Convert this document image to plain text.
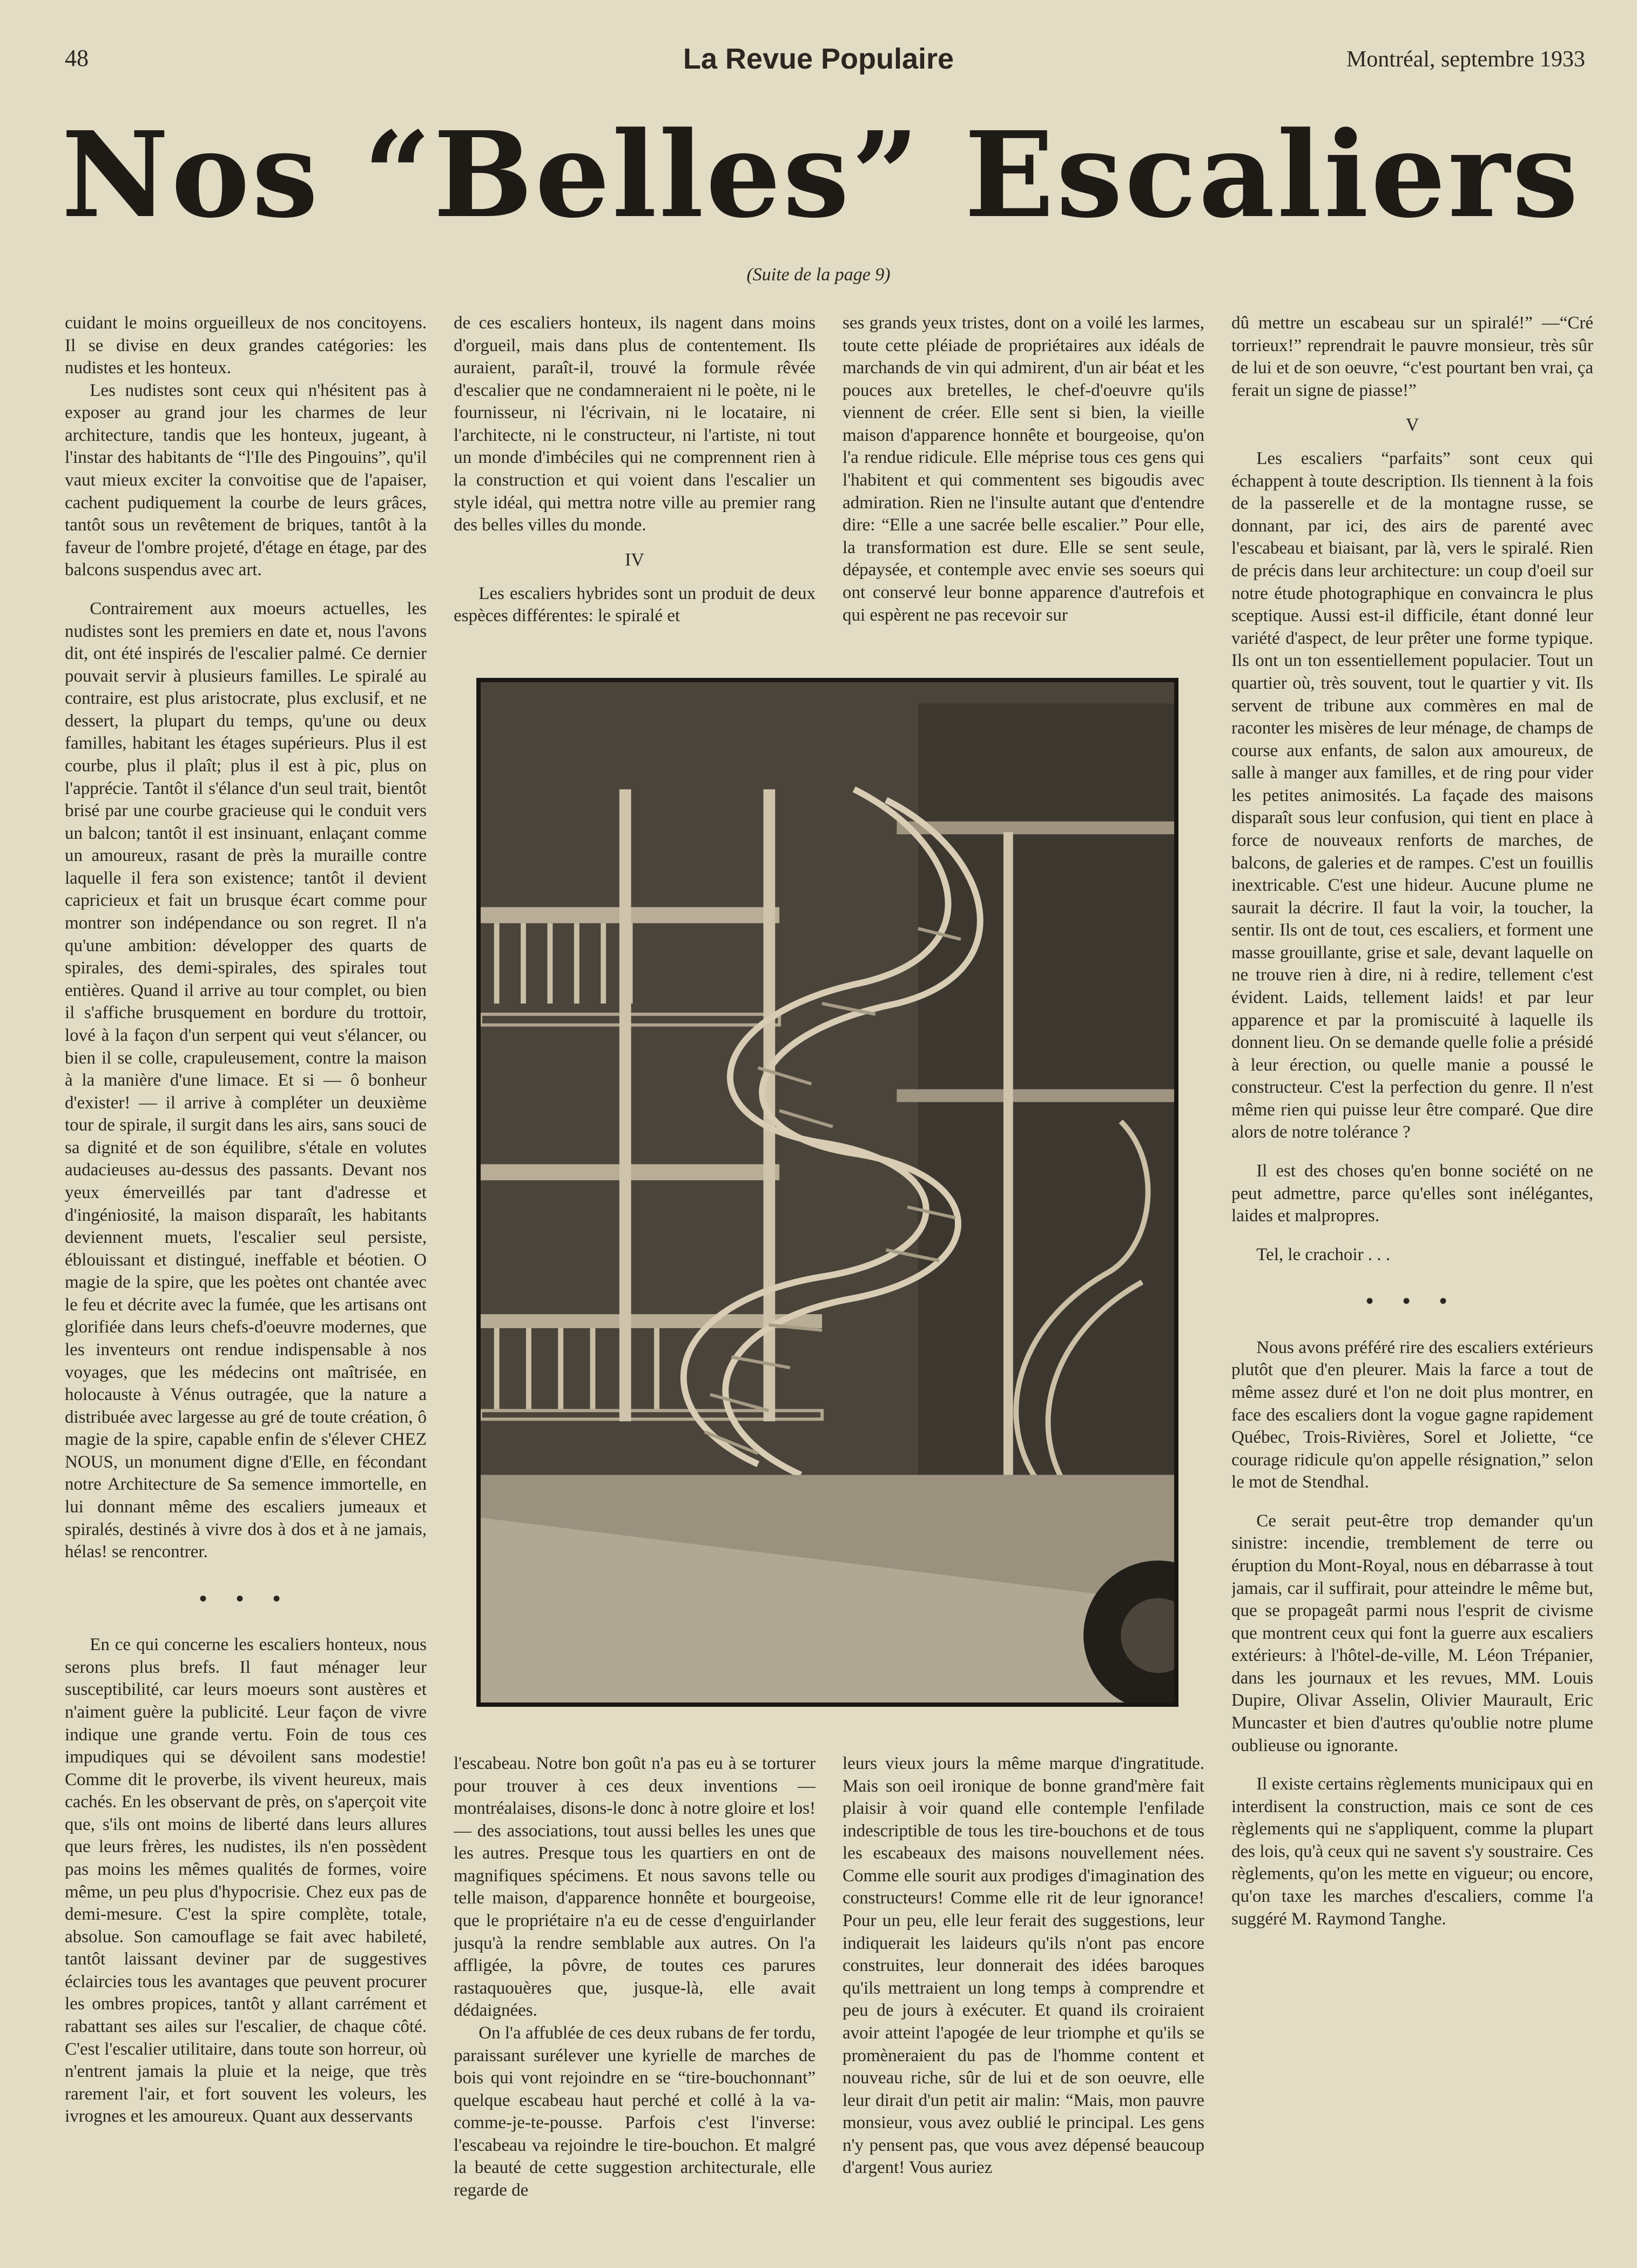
48	La Revue Populaire	Montréal, septembre 1933
Nos “Belles” Escaliers
(Suite de la page 9)

cuidant le moins orgueilleux de nos concitoyens. Il se divise en deux grandes catégories: les nudistes et les honteux.

Les nudistes sont ceux qui n'hésitent pas à exposer au grand jour les charmes de leur architecture, tandis que les honteux, jugeant, à l'instar des habitants de “l'Ile des Pingouins”, qu'il vaut mieux exciter la convoitise que de l'apaiser, cachent pudiquement la courbe de leurs grâces, tantôt sous un revêtement de briques, tantôt à la faveur de l'ombre projeté, d'étage en étage, par des balcons suspendus avec art.

Contrairement aux moeurs actuelles, les nudistes sont les premiers en date et, nous l'avons dit, ont été inspirés de l'escalier palmé. Ce dernier pouvait servir à plusieurs familles. Le spiralé au contraire, est plus aristocrate, plus exclusif, et ne dessert, la plupart du temps, qu'une ou deux familles, habitant les étages supérieurs. Plus il est courbe, plus il plaît; plus il est à pic, plus on l'apprécie. Tantôt il s'élance d'un seul trait, bientôt brisé par une courbe gracieuse qui le conduit vers un balcon; tantôt il est insinuant, enlaçant comme un amoureux, rasant de près la muraille contre laquelle il fera son existence; tantôt il devient capricieux et fait un brusque écart comme pour montrer son indépendance ou son regret. Il n'a qu'une ambition: développer des quarts de spirales, des demi-spirales, des spirales tout entières. Quand il arrive au tour complet, ou bien il s'affiche brusquement en bordure du trottoir, lové à la façon d'un serpent qui veut s'élancer, ou bien il se colle, crapuleusement, contre la maison à la manière d'une limace. Et si — ô bonheur d'exister! — il arrive à compléter un deuxième tour de spirale, il surgit dans les airs, sans souci de sa dignité et de son équilibre, s'étale en volutes audacieuses au-dessus des passants. Devant nos yeux émerveillés par tant d'adresse et d'ingéniosité, la maison disparaît, les habitants deviennent muets, l'escalier seul persiste, éblouissant et distingué, ineffable et béotien. O magie de la spire, que les poètes ont chantée avec le feu et décrite avec la fumée, que les artisans ont glorifiée dans leurs chefs-d'oeuvre modernes, que les inventeurs ont rendue indispensable à nos voyages, que les médecins ont maîtrisée, en holocauste à Vénus outragée, que la nature a distribuée avec largesse au gré de toute création, ô magie de la spire, capable enfin de s'élever CHEZ NOUS, un monument digne d'Elle, en fécondant notre Architecture de Sa semence immortelle, en lui donnant même des escaliers jumeaux et spiralés, destinés à vivre dos à dos et à ne jamais, hélas! se rencontrer.

• • •

En ce qui concerne les escaliers honteux, nous serons plus brefs. Il faut ménager leur susceptibilité, car leurs moeurs sont austères et n'aiment guère la publicité. Leur façon de vivre indique une grande vertu. Foin de tous ces impudiques qui se dévoilent sans modestie! Comme dit le proverbe, ils vivent heureux, mais cachés. En les observant de près, on s'aperçoit vite que, s'ils ont moins de liberté dans leurs allures que leurs frères, les nudistes, ils n'en possèdent pas moins les mêmes qualités de formes, voire même, un peu plus d'hypocrisie. Chez eux pas de demi-mesure. C'est la spire complète, totale, absolue. Son camouflage se fait avec habileté, tantôt laissant deviner par de suggestives éclaircies tous les avantages que peuvent procurer les ombres propices, tantôt y allant carrément et rabattant ses ailes sur l'escalier, de chaque côté. C'est l'escalier utilitaire, dans toute son horreur, où n'entrent jamais la pluie et la neige, que très rarement l'air, et fort souvent les voleurs, les ivrognes et les amoureux. Quant aux desservants

de ces escaliers honteux, ils nagent dans moins d'orgueil, mais dans plus de contentement. Ils auraient, paraît-il, trouvé la formule rêvée d'escalier que ne condamneraient ni le poète, ni le fournisseur, ni l'écrivain, ni le locataire, ni l'architecte, ni le constructeur, ni l'artiste, ni tout un monde d'imbéciles qui ne comprennent rien à la construction et qui voient dans l'escalier un style idéal, qui mettra notre ville au premier rang des belles villes du monde.

IV

Les escaliers hybrides sont un produit de deux espèces différentes: le spiralé et

ses grands yeux tristes, dont on a voilé les larmes, toute cette pléiade de propriétaires aux idéals de marchands de vin qui admirent, d'un air béat et les pouces aux bretelles, le chef-d'oeuvre qu'ils viennent de créer. Elle sent si bien, la vieille maison d'apparence honnête et bourgeoise, qu'on l'a rendue ridicule. Elle méprise tous ces gens qui l'habitent et qui commentent ses bigoudis avec admiration. Rien ne l'insulte autant que d'entendre dire: “Elle a une sacrée belle escalier.” Pour elle, la transformation est dure. Elle se sent seule, dépaysée, et contemple avec envie ses soeurs qui ont conservé leur bonne apparence d'autrefois et qui espèrent ne pas recevoir sur

l'escabeau. Notre bon goût n'a pas eu à se torturer pour trouver à ces deux inventions — montréalaises, disons-le donc à notre gloire et los! — des associations, tout aussi belles les unes que les autres. Presque tous les quartiers en ont de magnifiques spécimens. Et nous savons telle ou telle maison, d'apparence honnête et bourgeoise, que le propriétaire n'a eu de cesse d'enguirlander jusqu'à la rendre semblable aux autres. On l'a affligée, la pôvre, de toutes ces parures rastaquouères que, jusque-là, elle avait dédaignées.

On l'a affublée de ces deux rubans de fer tordu, paraissant surélever une kyrielle de marches de bois qui vont rejoindre en se “tire-bouchonnant” quelque escabeau haut perché et collé à la va-comme-je-te-pousse. Parfois c'est l'inverse: l'escabeau va rejoindre le tire-bouchon. Et malgré la beauté de cette suggestion architecturale, elle regarde de

leurs vieux jours la même marque d'ingratitude. Mais son oeil ironique de bonne grand'mère fait plaisir à voir quand elle contemple l'enfilade indescriptible de tous les tire-bouchons et de tous les escabeaux des maisons nouvellement nées. Comme elle sourit aux prodiges d'imagination des constructeurs! Comme elle rit de leur ignorance! Pour un peu, elle leur ferait des suggestions, leur indiquerait les laideurs qu'ils n'ont pas encore construites, leur donnerait des idées baroques qu'ils mettraient un long temps à comprendre et peu de jours à exécuter. Et quand ils croiraient avoir atteint l'apogée de leur triomphe et qu'ils se promèneraient du pas de l'homme content et nouveau riche, sûr de lui et de son oeuvre, elle leur dirait d'un petit air malin: “Mais, mon pauvre monsieur, vous avez oublié le principal. Les gens n'y pensent pas, que vous avez dépensé beaucoup d'argent! Vous auriez

dû mettre un escabeau sur un spiralé!” —“Cré torrieux!” reprendrait le pauvre monsieur, très sûr de lui et de son oeuvre, “c'est pourtant ben vrai, ça ferait un signe de piasse!”

V

Les escaliers “parfaits” sont ceux qui échappent à toute description. Ils tiennent à la fois de la passerelle et de la montagne russe, se donnant, par ici, des airs de parenté avec l'escabeau et biaisant, par là, vers le spiralé. Rien de précis dans leur architecture: un coup d'oeil sur notre étude photographique en convaincra le plus sceptique. Aussi est-il difficile, étant donné leur variété d'aspect, de leur prêter une forme typique. Ils ont un ton essentiellement populacier. Tout un quartier où, très souvent, tout le quartier y vit. Ils servent de tribune aux commères en mal de raconter les misères de leur ménage, de champs de course aux enfants, de salon aux amoureux, de salle à manger aux familles, et de ring pour vider les petites animosités. La façade des maisons disparaît sous leur confusion, qui tient en place à force de nouveaux renforts de marches, de balcons, de galeries et de rampes. C'est un fouillis inextricable. C'est une hideur. Aucune plume ne saurait la décrire. Il faut la voir, la toucher, la sentir. Ils ont de tout, ces escaliers, et forment une masse grouillante, grise et sale, devant laquelle on ne trouve rien à dire, ni à redire, tellement c'est évident. Laids, tellement laids! et par leur apparence et par la promiscuité à laquelle ils donnent lieu. On se demande quelle folie a présidé à leur érection, ou quelle manie a poussé le constructeur. C'est la perfection du genre. Il n'est même rien qui puisse leur être comparé. Que dire alors de notre tolérance ?

Il est des choses qu'en bonne société on ne peut admettre, parce qu'elles sont inélégantes, laides et malpropres.

Tel, le crachoir . . .

• • •

Nous avons préféré rire des escaliers extérieurs plutôt que d'en pleurer. Mais la farce a tout de même assez duré et l'on ne doit plus montrer, en face des escaliers dont la vogue gagne rapidement Québec, Trois-Rivières, Sorel et Joliette, “ce courage ridicule qu'on appelle résignation,” selon le mot de Stendhal.

Ce serait peut-être trop demander qu'un sinistre: incendie, tremblement de terre ou éruption du Mont-Royal, nous en débarrasse à tout jamais, car il suffirait, pour atteindre le même but, que se propageât parmi nous l'esprit de civisme que montrent ceux qui font la guerre aux escaliers extérieurs: à l'hôtel-de-ville, M. Léon Trépanier, dans les journaux et les revues, MM. Louis Dupire, Olivar Asselin, Olivier Maurault, Eric Muncaster et bien d'autres qu'oublie notre plume oublieuse ou ignorante.

Il existe certains règlements municipaux qui en interdisent la construction, mais ce sont de ces règlements qui ne s'appliquent, comme la plupart des lois, qu'à ceux qui ne savent s'y soustraire. Ces règlements, qu'on les mette en vigueur; ou encore, qu'on taxe les marches d'escaliers, comme l'a suggéré M. Raymond Tanghe.
